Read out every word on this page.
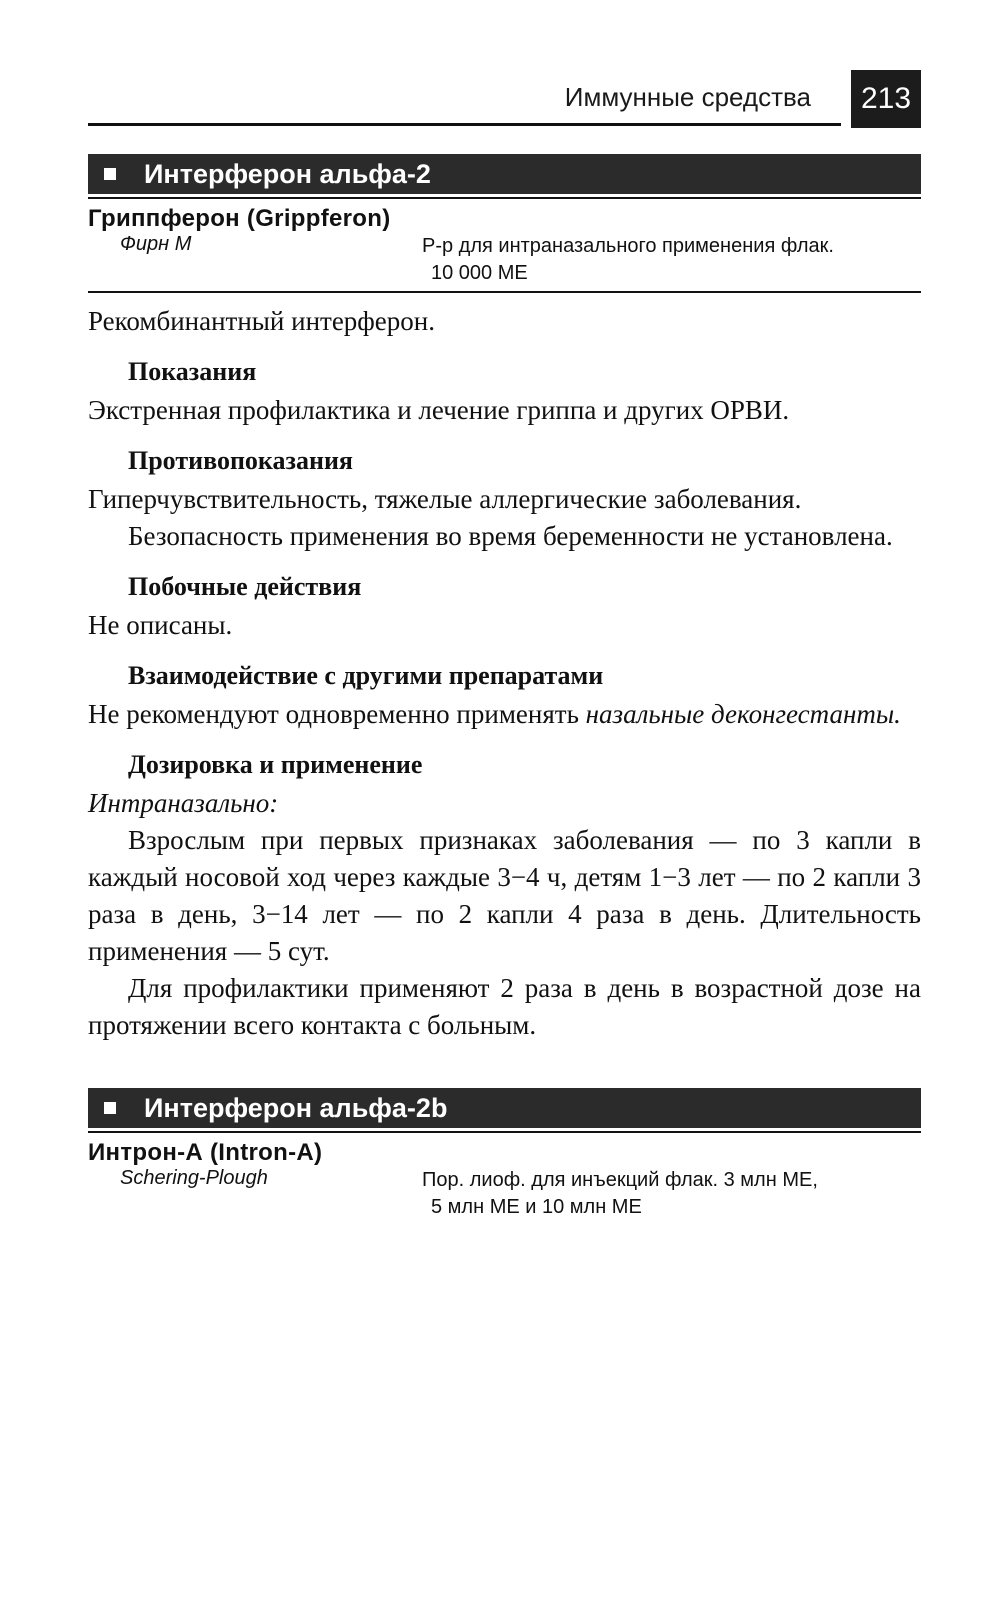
Иммунные средства	213
Интерферон альфа-2
Гриппферон (Grippferon)
Фирн М	Р-р для интраназального применения флак.
10 000 МЕ
Рекомбинантный интерферон.
Показания
Экстренная профилактика и лечение гриппа и других ОРВИ.
Противопоказания
Гиперчувствительность, тяжелые аллергические заболевания.
Безопасность применения во время беременности не установлена.
Побочные действия
Не описаны.
Взаимодействие с другими препаратами
Не рекомендуют одновременно применять назальные деконгестанты.
Дозировка и применение
Интраназально:
Взрослым при первых признаках заболевания — по 3 капли в каждый носовой ход через каждые 3−4 ч, детям 1−3 лет — по 2 капли 3 раза в день, 3−14 лет — по 2 капли 4 раза в день. Длительность применения — 5 сут.
Для профилактики применяют 2 раза в день в возрастной дозе на протяжении всего контакта с больным.
Интерферон альфа-2b
Интрон-А (Intron-A)
Schering-Plough	Пор. лиоф. для инъекций флак. 3 млн МЕ,
5 млн МЕ и 10 млн МЕ
